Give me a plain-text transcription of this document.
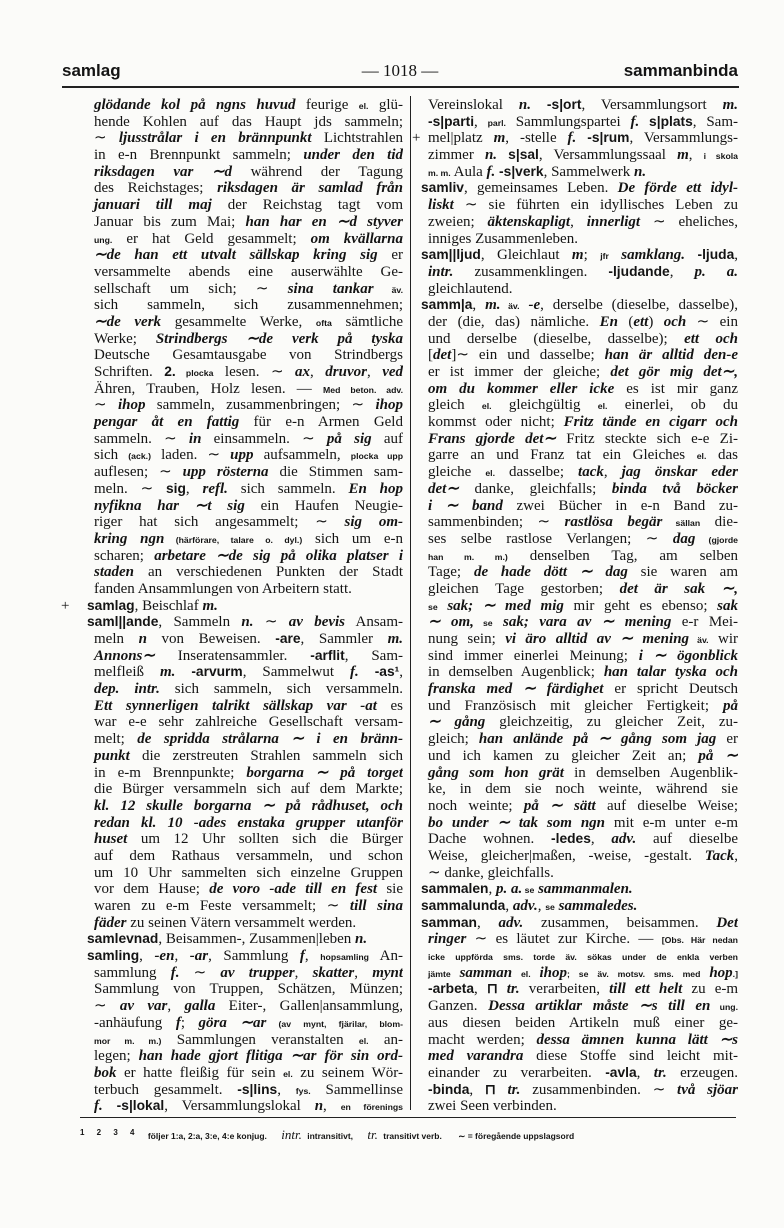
samlag	— 1018 —	sammanbinda
glödande kol på ngns huvud feurige el. glü-
hende Kohlen auf das Haupt jds sammeln;
∼ ljusstrålar i en brännpunkt Lichtstrahlen
in e-n Brennpunkt sammeln; under den tid
riksdagen var ∼d während der Tagung
des Reichstages; riksdagen är samlad från
januari till maj der Reichstag tagt vom
Januar bis zum Mai; han har en ∼d styver
ung. er hat Geld gesammelt; om kvällarna
∼de han ett utvalt sällskap kring sig er
versammelte abends eine auserwählte Ge-
sellschaft um sich; ∼ sina tankar äv.
sich sammeln, sich zusammennehmen;
∼de verk gesammelte Werke, ofta sämtliche
Werke; Strindbergs ∼de verk på tyska
Deutsche Gesamtausgabe von Strindbergs
Schriften. 2. plocka lesen. ∼ ax, druvor, ved
Ähren, Trauben, Holz lesen. — Med beton. adv.
∼ ihop sammeln, zusammenbringen; ∼ ihop
pengar åt en fattig für e-n Armen Geld
sammeln. ∼ in einsammeln. ∼ på sig auf
sich (ack.) laden. ∼ upp aufsammeln, plocka upp
auflesen; ∼ upp rösterna die Stimmen sam-
meln. ∼ sig, refl. sich sammeln. En hop
nyfikna har ∼t sig ein Haufen Neugie-
riger hat sich angesammelt; ∼ sig om-
kring ngn (härförare, talare o. dyl.) sich um e-n
scharen; arbetare ∼de sig på olika platser i
staden an verschiedenen Punkten der Stadt
fanden Ansammlungen von Arbeitern statt.
samlag, Beischlaf m.
saml||ande, Sammeln n. ∼ av bevis Ansam-
meln n von Beweisen. -are, Sammler m.
Annons∼ Inseratensammler. -arflit, Sam-
melfleiß m. -arvurm, Sammelwut f. -as¹,
dep. intr. sich sammeln, sich versammeln.
Ett synnerligen talrikt sällskap var -at es
war e-e sehr zahlreiche Gesellschaft versam-
melt; de spridda strålarna ∼ i en bränn-
punkt die zerstreuten Strahlen sammeln sich
in e-m Brennpunkte; borgarna ∼ på torget
die Bürger versammeln sich auf dem Markte;
kl. 12 skulle borgarna ∼ på rådhuset, och
redan kl. 10 -ades enstaka grupper utanför
huset um 12 Uhr sollten sich die Bürger
auf dem Rathaus versammeln, und schon
um 10 Uhr sammelten sich einzelne Gruppen
vor dem Hause; de voro -ade till en fest sie
waren zu e-m Feste versammelt; ∼ till sina
fäder zu seinen Vätern versammelt werden.
samlevnad, Beisammen-, Zusammen|leben n.
samling, -en, -ar, Sammlung f, hopsamling An-
sammlung f. ∼ av trupper, skatter, mynt
Sammlung von Truppen, Schätzen, Münzen;
∼ av var, galla Eiter-, Gallen|ansammlung,
-anhäufung f; göra ∼ar (av mynt, fjärilar, blom-
mor m. m.) Sammlungen veranstalten el. an-
legen; han hade gjort flitiga ∼ar för sin ord-
bok er hatte fleißig für sein el. zu seinem Wör-
terbuch gesammelt. -s|lins, fys. Sammellinse
f. -s|lokal, Versammlungslokal n, en förenings
Vereinslokal n. -s|ort, Versammlungsort m.
-s|parti, parl. Sammlungspartei f. s|plats, Sam-
mel|platz m, -stelle f. -s|rum, Versammlungs-
zimmer n. s|sal, Versammlungssaal m, i skola
m. m. Aula f. -s|verk, Sammelwerk n.
samliv, gemeinsames Leben. De förde ett idyl-
liskt ∼ sie führten ein idyllisches Leben zu
zweien; äktenskapligt, innerligt ∼ eheliches,
inniges Zusammenleben.
sam||ljud, Gleichlaut m; jfr samklang. -ljuda,
intr. zusammenklingen. -ljudande, p. a.
gleichlautend.
samm|a, m. äv. -e, derselbe (dieselbe, dasselbe),
der (die, das) nämliche. En (ett) och ∼ ein
und derselbe (dieselbe, dasselbe); ett och
[det]∼ ein und dasselbe; han är alltid den-e
er ist immer der gleiche; det gör mig det∼,
om du kommer eller icke es ist mir ganz
gleich el. gleichgültig el. einerlei, ob du
kommst oder nicht; Fritz tände en cigarr och
Frans gjorde det∼ Fritz steckte sich e-e Zi-
garre an und Franz tat ein Gleiches el. das
gleiche el. dasselbe; tack, jag önskar eder
det∼ danke, gleichfalls; binda två böcker
i ∼ band zwei Bücher in e-n Band zu-
sammenbinden; ∼ rastlösa begär sällan die-
ses selbe rastlose Verlangen; ∼ dag (gjorde
han m. m.) denselben Tag, am selben
Tage; de hade dött ∼ dag sie waren am
gleichen Tage gestorben; det är sak ∼,
se sak; ∼ med mig mir geht es ebenso; sak
∼ om, se sak; vara av ∼ mening e-r Mei-
nung sein; vi äro alltid av ∼ mening äv. wir
sind immer einerlei Meinung; i ∼ ögonblick
in demselben Augenblick; han talar tyska och
franska med ∼ färdighet er spricht Deutsch
und Französisch mit gleicher Fertigkeit; på
∼ gång gleichzeitig, zu gleicher Zeit, zu-
gleich; han anlände på ∼ gång som jag er
und ich kamen zu gleicher Zeit an; på ∼
gång som hon grät in demselben Augenblik-
ke, in dem sie noch weinte, während sie
noch weinte; på ∼ sätt auf dieselbe Weise;
bo under ∼ tak som ngn mit e-m unter e-m
Dache wohnen. -ledes, adv. auf dieselbe
Weise, gleicher|maßen, -weise, -gestalt. Tack,
∼ danke, gleichfalls.
sammalen, p. a. se sammanmalen.
sammalunda, adv., se sammaledes.
samman, adv. zusammen, beisammen. Det
ringer ∼ es läutet zur Kirche. — [Obs. Här nedan
icke uppförda sms. torde äv. sökas under de enkla verben
jämte samman el. ihop; se äv. motsv. sms. med hop.]
-arbeta, ⊓ tr. verarbeiten, till ett helt zu e-m
Ganzen. Dessa artiklar måste ∼s till en ung.
aus diesen beiden Artikeln muß einer ge-
macht werden; dessa ämnen kunna lätt ∼s
med varandra diese Stoffe sind leicht mit-
einander zu verarbeiten. -avla, tr. erzeugen.
-binda, ⊓ tr. zusammenbinden. ∼ två sjöar
zwei Seen verbinden.
+
+
1 2 3 4 följer 1:a, 2:a, 3:e, 4:e konjug. intr. intransitivt, tr. transitivt verb. ∼ = föregående uppslagsord
